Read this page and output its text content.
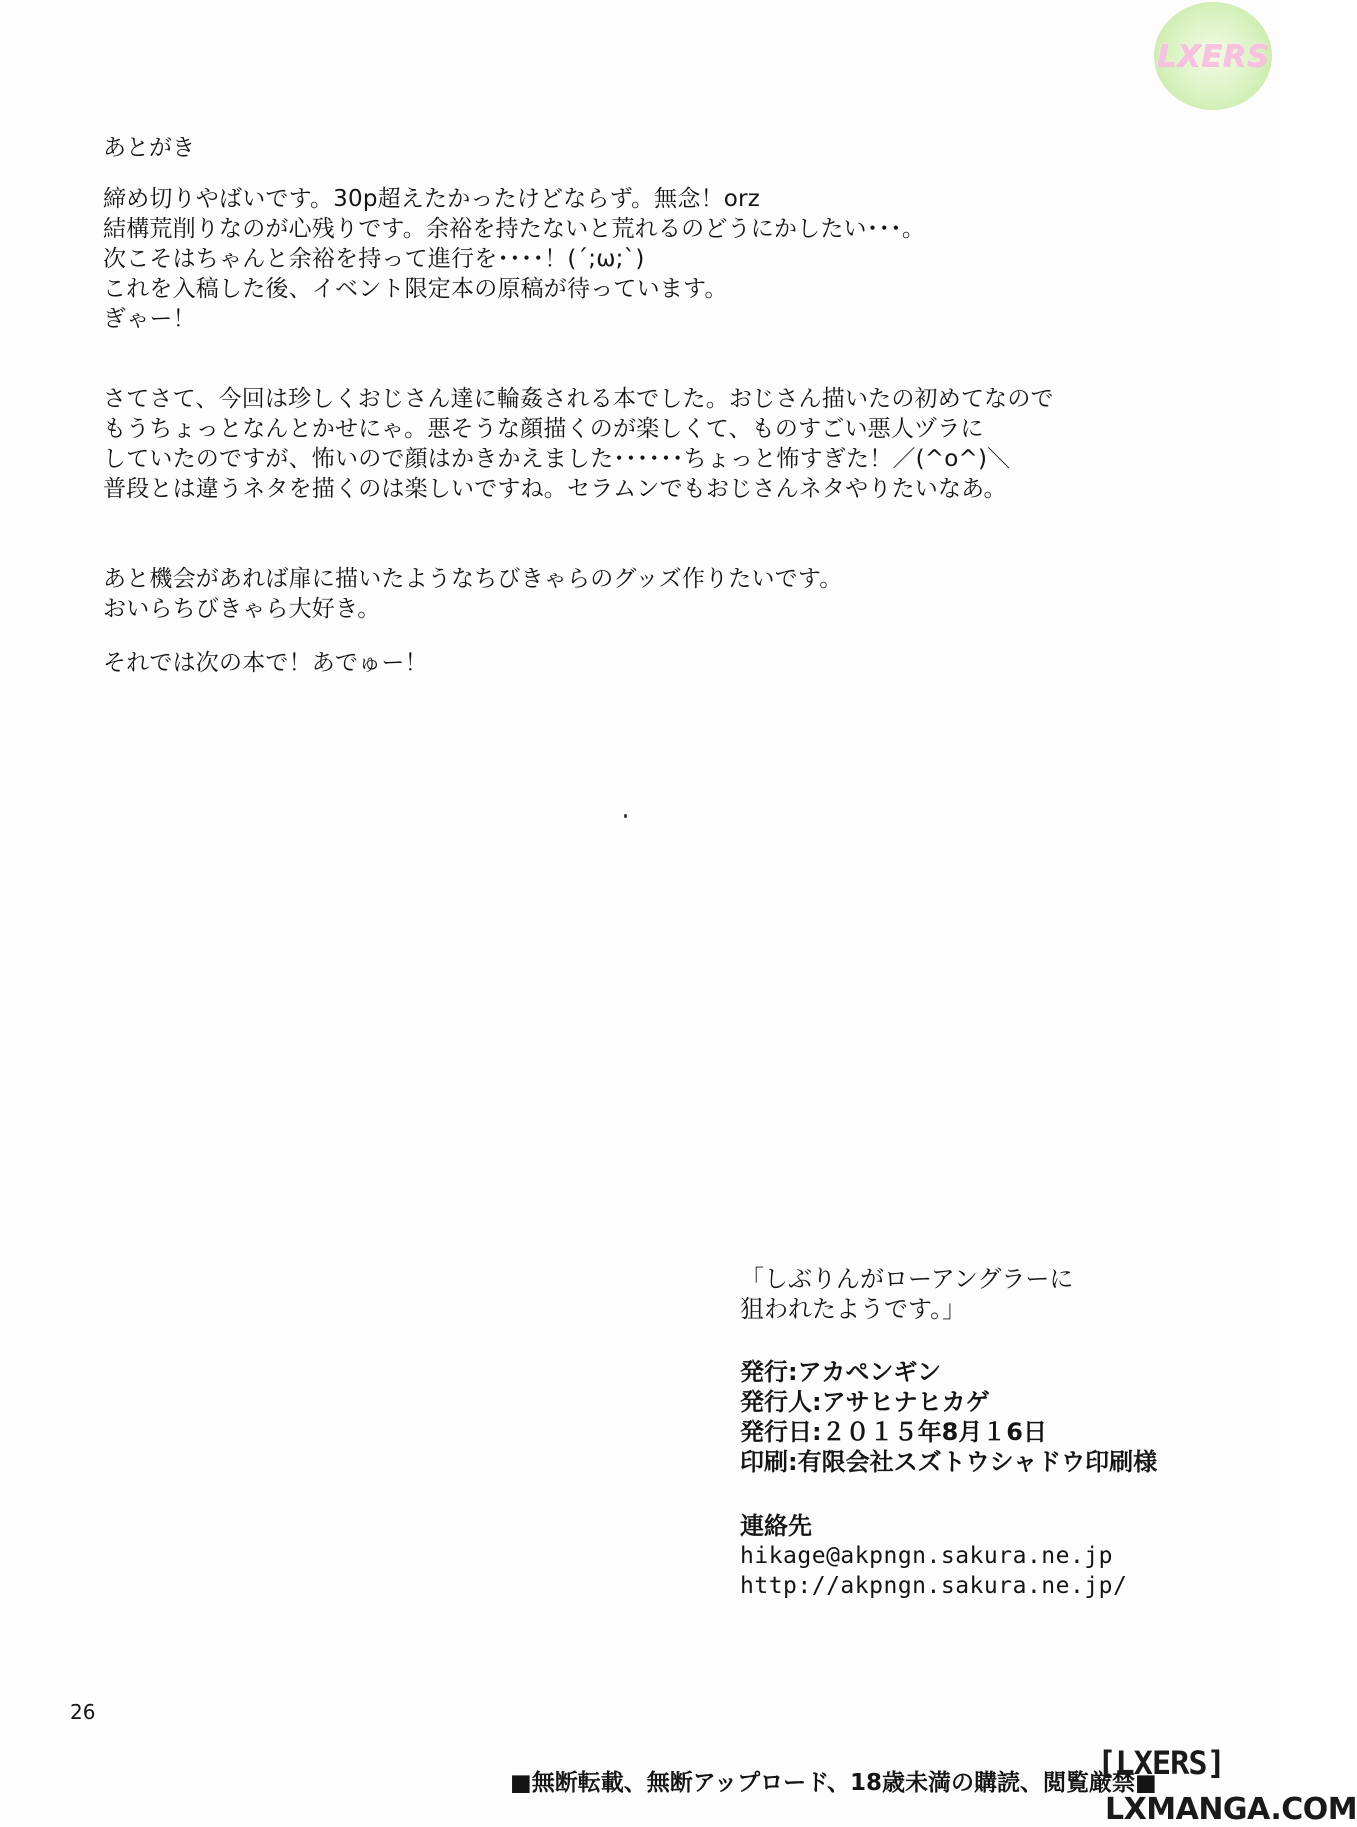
LXERS
あとがき
締め切りやばいです。30p超えたかったけどならず。無念！orz
結構荒削りなのが心残りです。余裕を持たないと荒れるのどうにかしたい･･･。
次こそはちゃんと余裕を持って進行を････！(´;ω;`)
これを入稿した後、イベント限定本の原稿が待っています。
ぎゃー！
さてさて、今回は珍しくおじさん達に輪姦される本でした。おじさん描いたの初めてなので
もうちょっとなんとかせにゃ。悪そうな顔描くのが楽しくて、ものすごい悪人ヅラに
していたのですが、怖いので顔はかきかえました･･････ちょっと怖すぎた！／(^o^)＼
普段とは違うネタを描くのは楽しいですね。セラムンでもおじさんネタやりたいなあ。
あと機会があれば扉に描いたようなちびきゃらのグッズ作りたいです。
おいらちびきゃら大好き。
それでは次の本で！あでゅー！
「しぶりんがローアングラーに
狙われたようです。」
発行:アカペンギン
発行人:アサヒナヒカゲ
発行日:２０１５年8月１6日
印刷:有限会社スズトウシャドウ印刷様
連絡先
hikage@akpngn.sakura.ne.jp
http://akpngn.sakura.ne.jp/
26
■無断転載、無断アップロード、18歳未満の購読、閲覧厳禁■
[LXERS]
LXMANGA.COM
